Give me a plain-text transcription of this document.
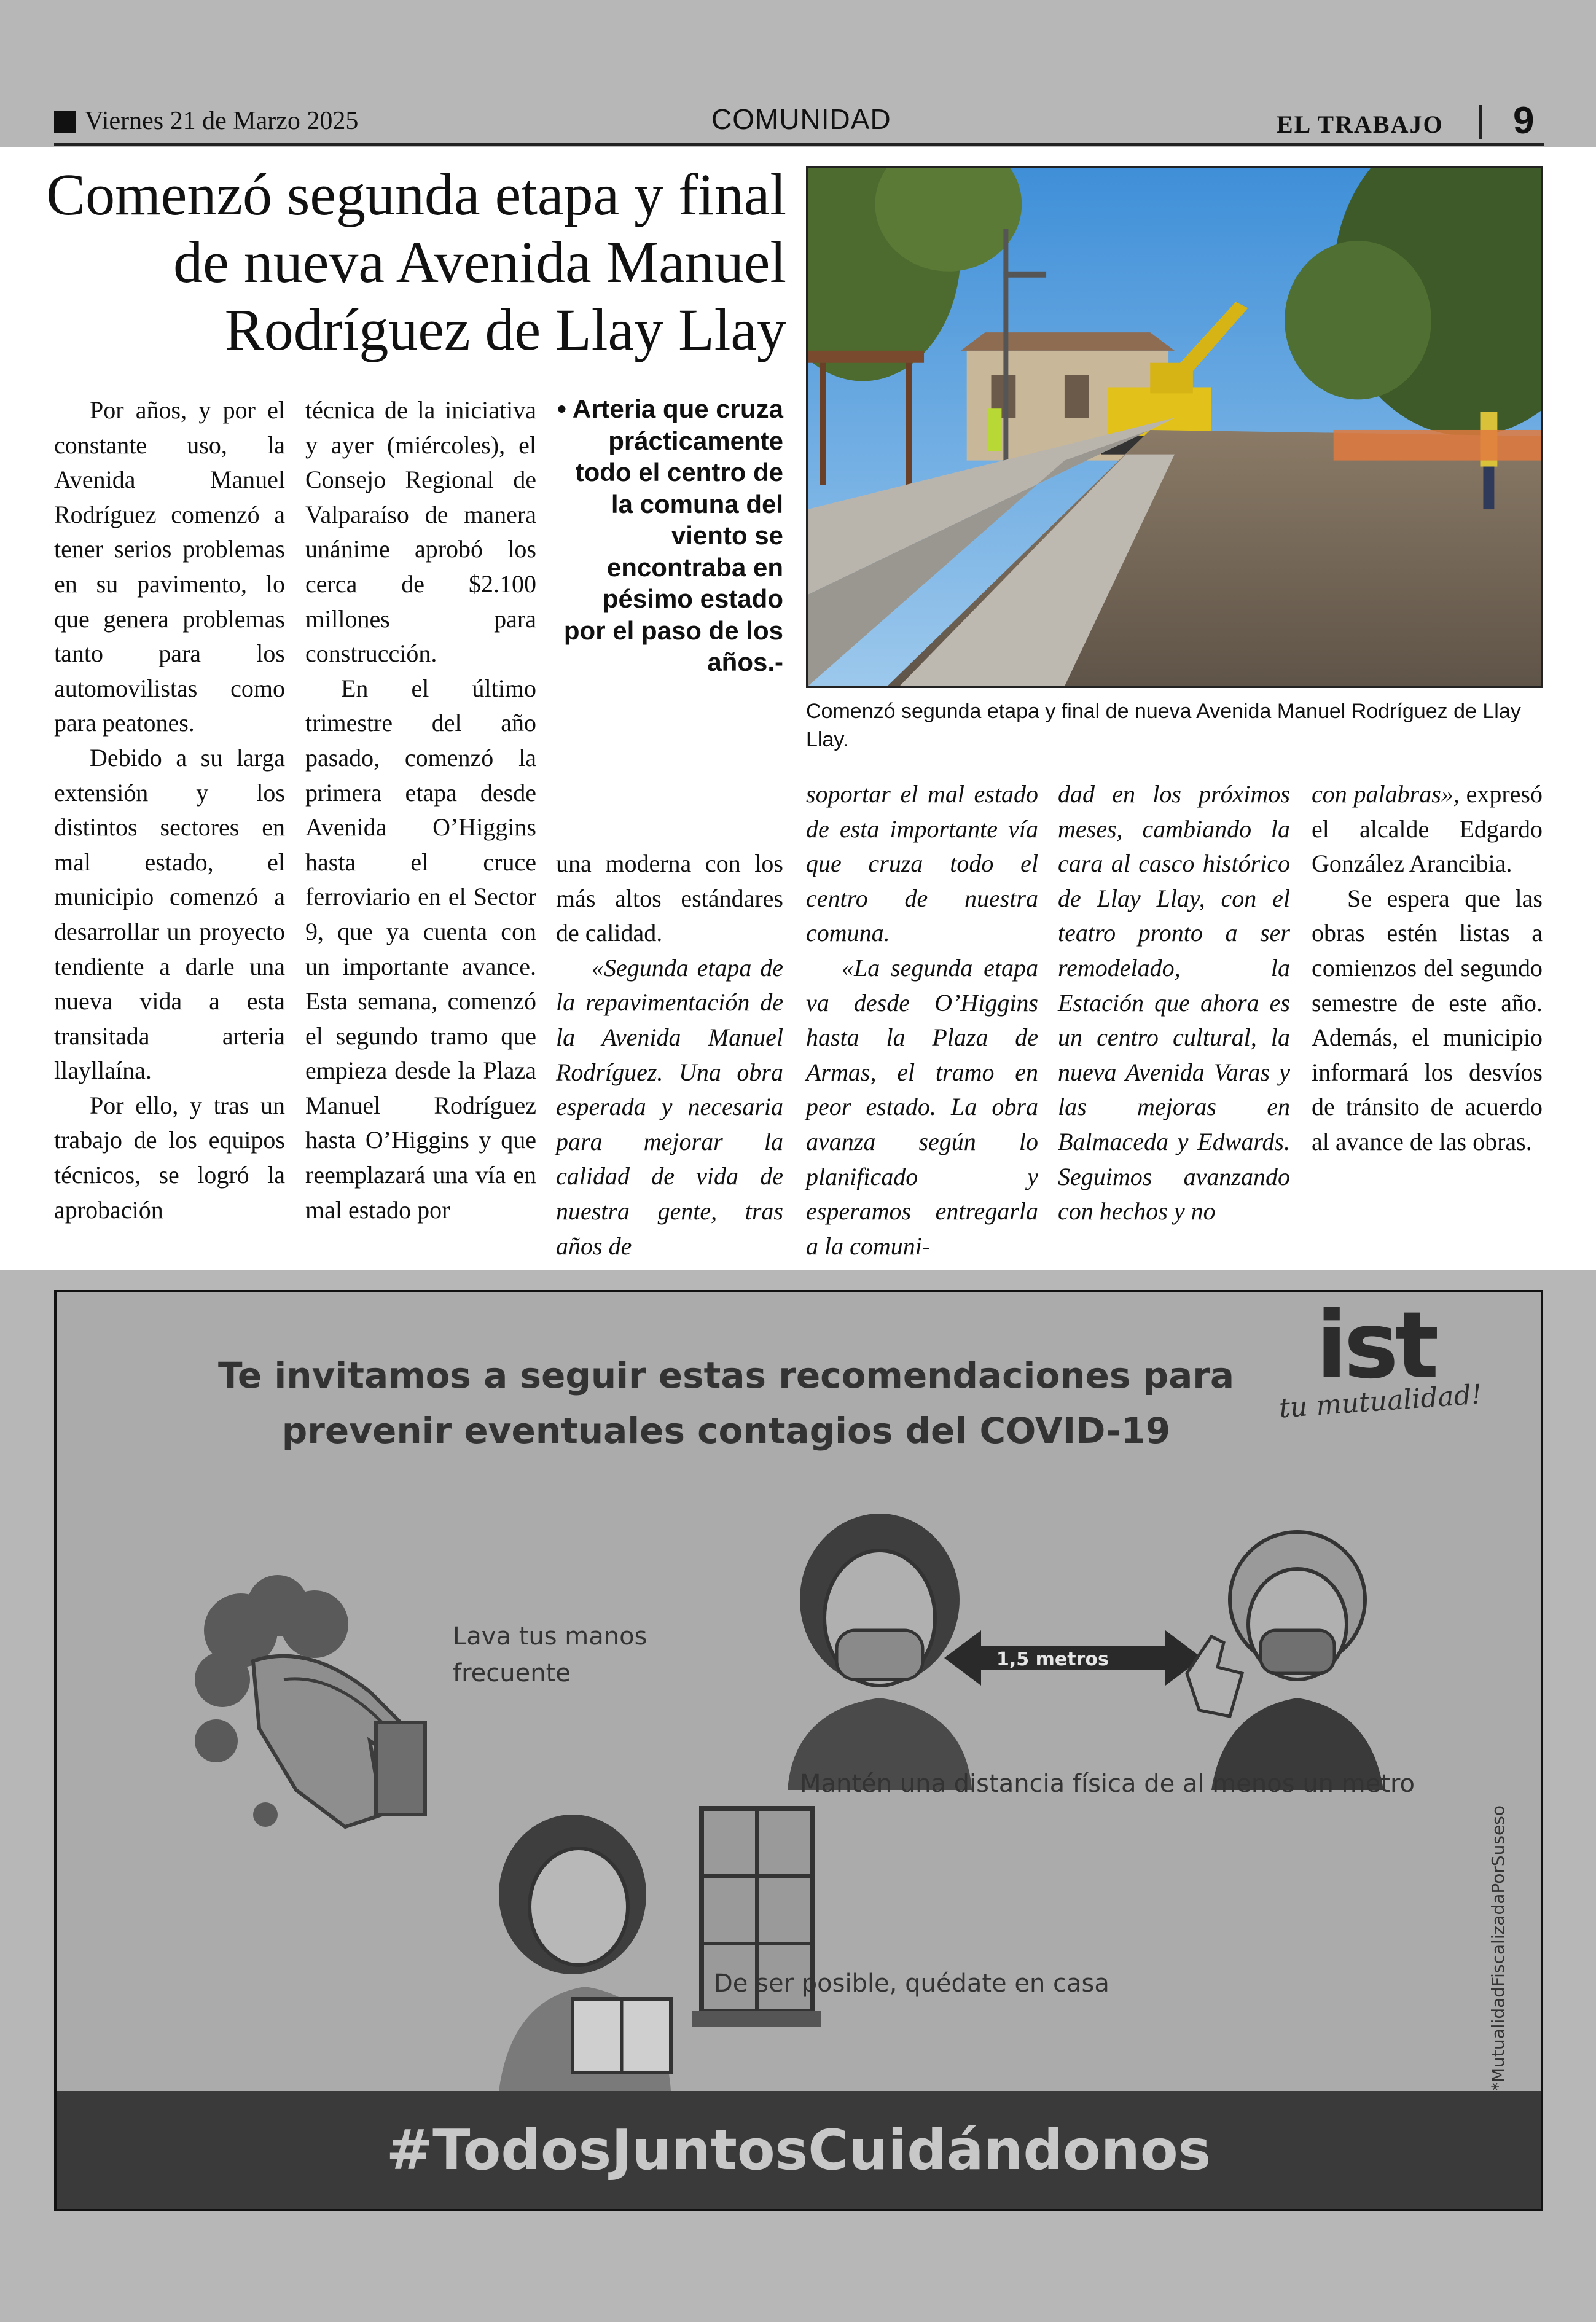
Viernes 21 de Marzo 2025	COMUNIDAD	EL TRABAJO 9
Comenzó segunda etapa y final
de nueva Avenida Manuel
Rodríguez de Llay Llay
Comenzó segunda etapa y final de nueva Avenida Manuel Rodríguez de Llay Llay.

Por años, y por el constante uso, la Avenida Manuel Rodríguez comenzó a tener serios problemas en su pavimento, lo que genera problemas tanto para los automovilistas como para peatones.

Debido a su larga extensión y los distintos sectores en mal estado, el municipio comenzó a desarrollar un proyecto tendiente a darle una nueva vida a esta transitada arteria llayllaína.

Por ello, y tras un trabajo de los equipos técnicos, se logró la aprobación

técnica de la iniciativa y ayer (miércoles), el Consejo Regional de Valparaíso de manera unánime aprobó los cerca de $2.100 millones para construcción.

En el último trimestre del año pasado, comenzó la primera etapa desde Avenida O’Higgins hasta el cruce ferroviario en el Sector 9, que ya cuenta con un importante avance. Esta semana, comenzó el segundo tramo que empieza desde la Plaza Manuel Rodríguez hasta O’Higgins y que reemplazará una vía en mal estado por

• Arteria que cruza prácticamente todo el centro de la comuna del viento se encontraba en pésimo estado por el paso de los años.-

una moderna con los más altos estándares de calidad.

«Segunda etapa de la repavimentación de la Avenida Manuel Rodríguez. Una obra esperada y necesaria para mejorar la calidad de vida de nuestra gente, tras años de

soportar el mal estado de esta importante vía que cruza todo el centro de nuestra comuna.

«La segunda etapa va desde O’Higgins hasta la Plaza de Armas, el tramo en peor estado. La obra avanza según lo planificado y esperamos entregarla a la comuni-

dad en los próximos meses, cambiando la cara al casco histórico de Llay Llay, con el teatro pronto a ser remodelado, la Estación que ahora es un centro cultural, la nueva Avenida Varas y las mejoras en Balmaceda y Edwards. Seguimos avanzando con hechos y no

con palabras», expresó el alcalde Edgardo González Arancibia.

Se espera que las obras estén listas a comienzos del segundo semestre de este año. Además, el municipio informará los desvíos de tránsito de acuerdo al avance de las obras.

Te invitamos a seguir estas recomendaciones para
prevenir eventuales contagios del COVID-19
ist
tu mutualidad!
Lava tus manos
frecuente	1,5 metros
Mantén una distancia física de al menos un metro
De ser posible, quédate en casa	*MutualidadFiscalizadaPorSuseso
#TodosJuntosCuidándonos
